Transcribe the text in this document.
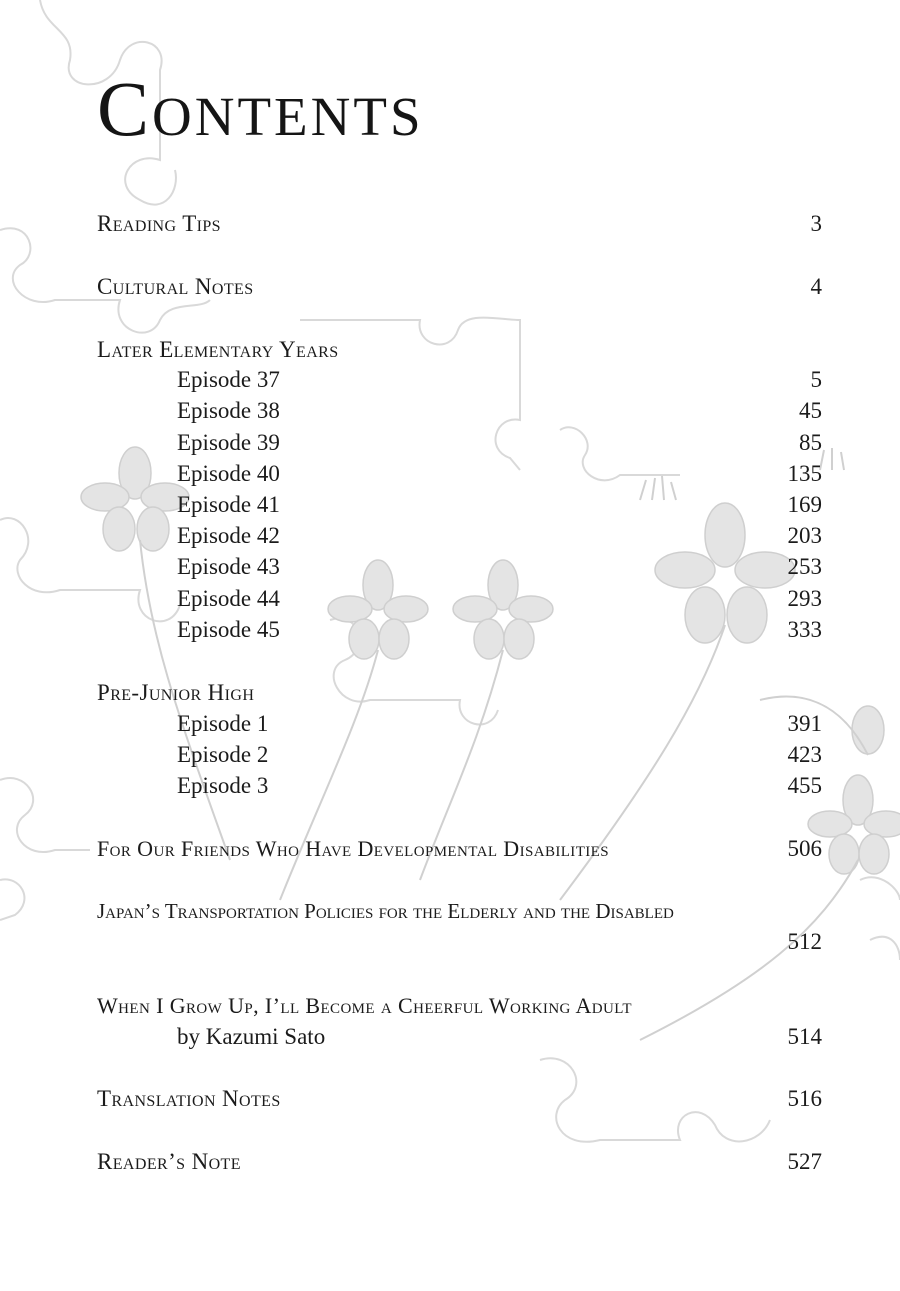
Contents
Reading Tips	3
Cultural Notes	4
Later Elementary Years
Episode 37	5
Episode 38	45
Episode 39	85
Episode 40	135
Episode 41	169
Episode 42	203
Episode 43	253
Episode 44	293
Episode 45	333
Pre-Junior High
Episode 1	391
Episode 2	423
Episode 3	455
For Our Friends Who Have Developmental Disabilities	506
Japan’s Transportation Policies for the Elderly and the Disabled
512
When I Grow Up, I’ll Become a Cheerful Working Adult
by Kazumi Sato	514
Translation Notes	516
Reader’s Note	527
